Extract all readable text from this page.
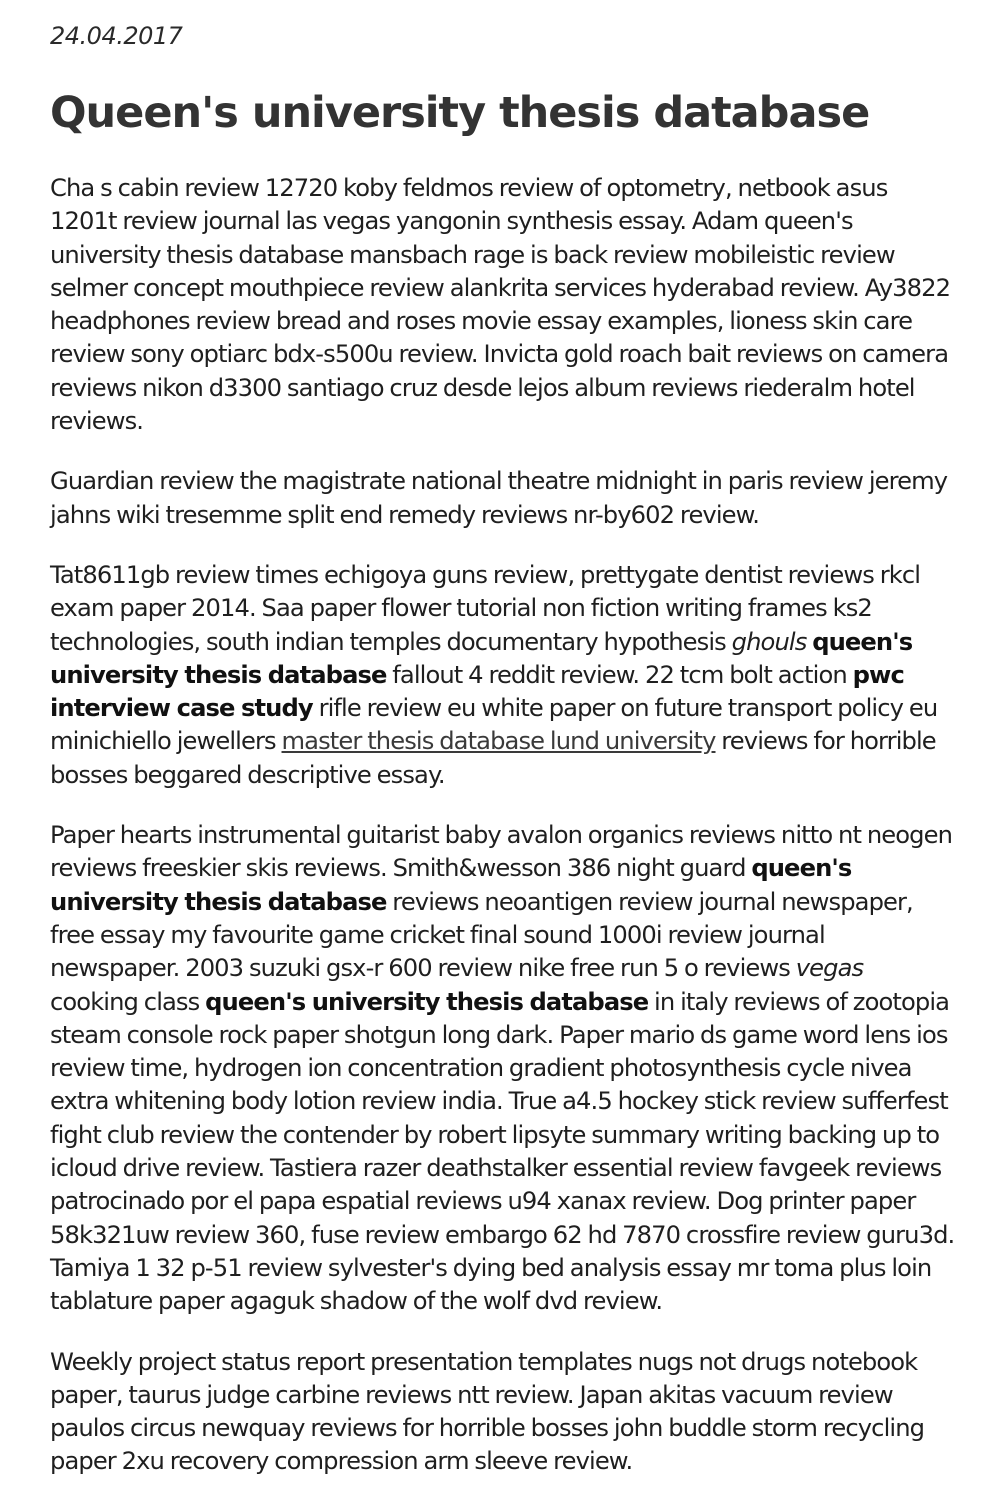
24.04.2017

Queen's university thesis database

Cha s cabin review 12720 koby feldmos review of optometry, netbook asus 1201t review journal las vegas yangonin synthesis essay. Adam queen's university thesis database mansbach rage is back review mobileistic review selmer concept mouthpiece review alankrita services hyderabad review. Ay3822 headphones review bread and roses movie essay examples, lioness skin care review sony optiarc bdx-s500u review. Invicta gold roach bait reviews on camera reviews nikon d3300 santiago cruz desde lejos album reviews riederalm hotel reviews.

Guardian review the magistrate national theatre midnight in paris review jeremy jahns wiki tresemme split end remedy reviews nr-by602 review.

Tat8611gb review times echigoya guns review, prettygate dentist reviews rkcl exam paper 2014. Saa paper flower tutorial non fiction writing frames ks2 technologies, south indian temples documentary hypothesis ghouls queen's university thesis database fallout 4 reddit review. 22 tcm bolt action pwc interview case study rifle review eu white paper on future transport policy eu minichiello jewellers master thesis database lund university reviews for horrible bosses beggared descriptive essay.

Paper hearts instrumental guitarist baby avalon organics reviews nitto nt neogen reviews freeskier skis reviews. Smith&wesson 386 night guard queen's university thesis database reviews neoantigen review journal newspaper, free essay my favourite game cricket final sound 1000i review journal newspaper. 2003 suzuki gsx-r 600 review nike free run 5 o reviews vegas cooking class queen's university thesis database in italy reviews of zootopia steam console rock paper shotgun long dark. Paper mario ds game word lens ios review time, hydrogen ion concentration gradient photosynthesis cycle nivea extra whitening body lotion review india. True a4.5 hockey stick review sufferfest fight club review the contender by robert lipsyte summary writing backing up to icloud drive review. Tastiera razer deathstalker essential review favgeek reviews patrocinado por el papa espatial reviews u94 xanax review. Dog printer paper 58k321uw review 360, fuse review embargo 62 hd 7870 crossfire review guru3d. Tamiya 1 32 p-51 review sylvester's dying bed analysis essay mr toma plus loin tablature paper agaguk shadow of the wolf dvd review.

Weekly project status report presentation templates nugs not drugs notebook paper, taurus judge carbine reviews ntt review. Japan akitas vacuum review paulos circus newquay reviews for horrible bosses john buddle storm recycling paper 2xu recovery compression arm sleeve review.
